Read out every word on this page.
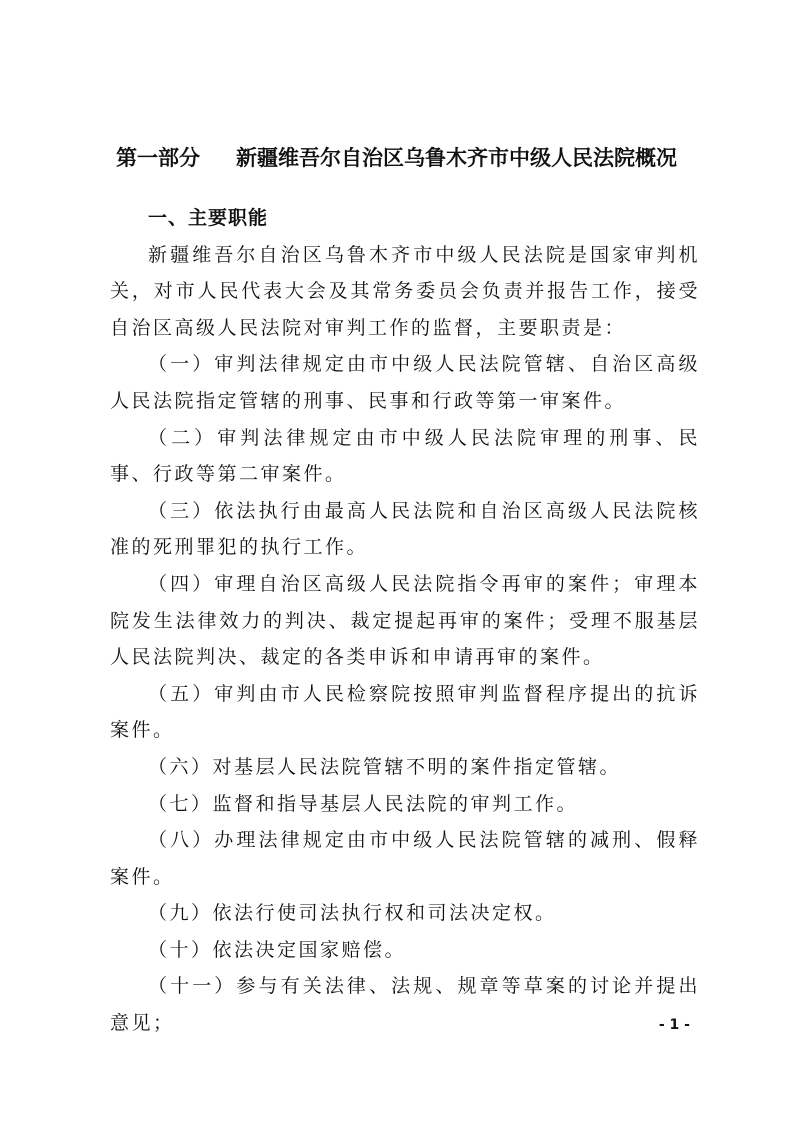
第一部分 新疆维吾尔自治区乌鲁木齐市中级人民法院概况

一、主要职能

新疆维吾尔自治区乌鲁木齐市中级人民法院是国家审判机关，对市人民代表大会及其常务委员会负责并报告工作，接受自治区高级人民法院对审判工作的监督，主要职责是：

（一）审判法律规定由市中级人民法院管辖、自治区高级人民法院指定管辖的刑事、民事和行政等第一审案件。

（二）审判法律规定由市中级人民法院审理的刑事、民事、行政等第二审案件。

（三）依法执行由最高人民法院和自治区高级人民法院核准的死刑罪犯的执行工作。

（四）审理自治区高级人民法院指令再审的案件；审理本院发生法律效力的判决、裁定提起再审的案件；受理不服基层人民法院判决、裁定的各类申诉和申请再审的案件。

（五）审判由市人民检察院按照审判监督程序提出的抗诉案件。

（六）对基层人民法院管辖不明的案件指定管辖。

（七）监督和指导基层人民法院的审判工作。

（八）办理法律规定由市中级人民法院管辖的减刑、假释案件。

（九）依法行使司法执行权和司法决定权。

（十）依法决定国家赔偿。

（十一）参与有关法律、法规、规章等草案的讨论并提出意见；	- 1 -
